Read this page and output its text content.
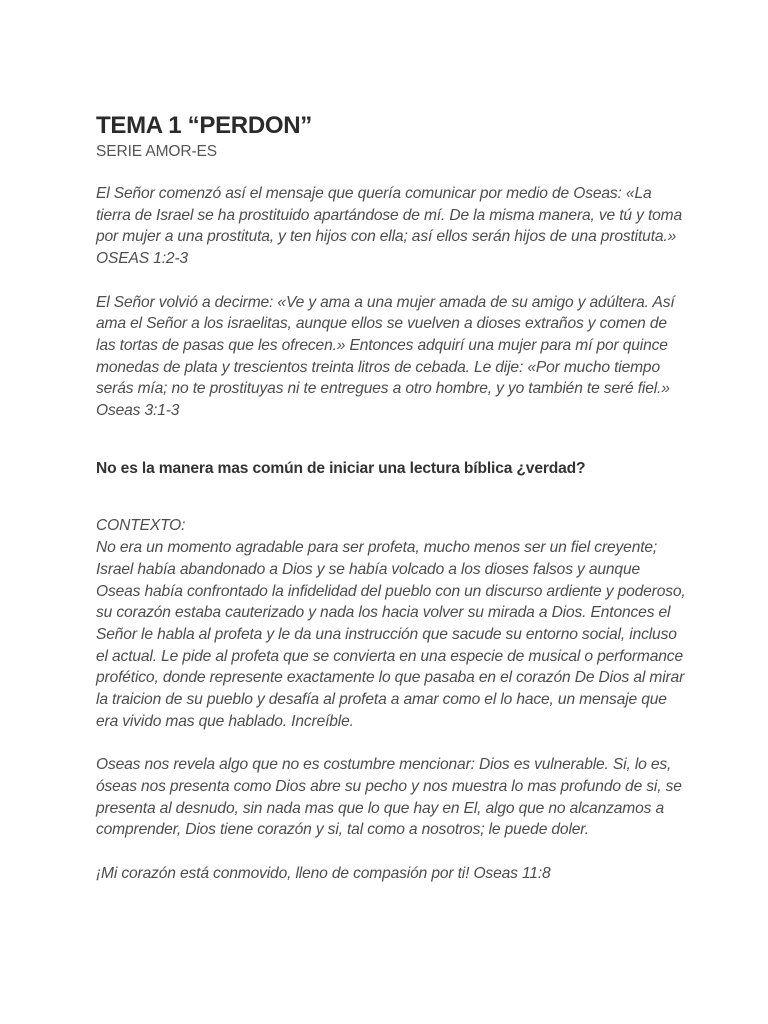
TEMA 1 “PERDON”

SERIE AMOR-ES

El Señor comenzó así el mensaje que quería comunicar por medio de Oseas: «La tierra de Israel se ha prostituido apartándose de mí. De la misma manera, ve tú y toma por mujer a una prostituta, y ten hijos con ella; así ellos serán hijos de una prostituta.» OSEAS 1:2-3

El Señor volvió a decirme: «Ve y ama a una mujer amada de su amigo y adúltera. Así ama el Señor a los israelitas, aunque ellos se vuelven a dioses extraños y comen de las tortas de pasas que les ofrecen.» Entonces adquirí una mujer para mí por quince monedas de plata y trescientos treinta litros de cebada. Le dije: «Por mucho tiempo serás mía; no te prostituyas ni te entregues a otro hombre, y yo también te seré fiel.» Oseas 3:1-3

No es la manera mas común de iniciar una lectura bíblica ¿verdad?

CONTEXTO:

No era un momento agradable para ser profeta, mucho menos ser un fiel creyente; Israel había abandonado a Dios y se había volcado a los dioses falsos y aunque Oseas había confrontado la infidelidad del pueblo con un discurso ardiente y poderoso, su corazón estaba cauterizado y nada los hacia volver su mirada a Dios. Entonces el Señor le habla al profeta y le da una instrucción que sacude su entorno social, incluso el actual. Le pide al profeta que se convierta en una especie de musical o performance profético, donde represente exactamente lo que pasaba en el corazón De Dios al mirar la traicion de su pueblo y desafía al profeta a amar como el lo hace, un mensaje que era vivido mas que hablado. Increíble.

Oseas nos revela algo que no es costumbre mencionar: Dios es vulnerable. Si, lo es, óseas nos presenta como Dios abre su pecho y nos muestra lo mas profundo de si, se presenta al desnudo, sin nada mas que lo que hay en El, algo que no alcanzamos a comprender, Dios tiene corazón y si, tal como a nosotros; le puede doler.

¡Mi corazón está conmovido, lleno de compasión por ti! Oseas 11:8
